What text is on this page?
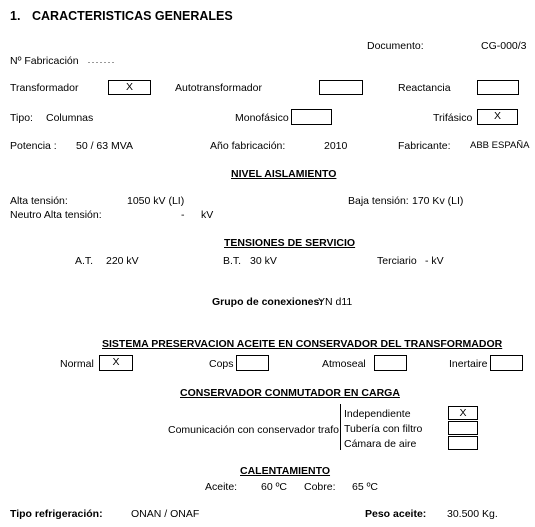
1. CARACTERISTICAS GENERALES
Documento:	CG-000/3
Nº Fabricación
Transformador	X	Autotransformador	Reactancia
Tipo: Columnas	Monofásico	Trifásico	X
Potencia : 50 / 63 MVA	Año fabricación:	2010	Fabricante: ABB ESPAÑA
NIVEL AISLAMIENTO
Alta tensión:	1050 kV (LI)	Baja tensión: 170 Kv (LI)
Neutro Alta tensión:	- kV
TENSIONES DE SERVICIO
A.T. 220 kV	B.T. 30 kV	Terciario - kV
Grupo de conexiones:
YN d11
SISTEMA PRESERVACION ACEITE EN CONSERVADOR DEL TRANSFORMADOR
Normal	X	Cops	Atmoseal	Inertaire
CONSERVADOR CONMUTADOR EN CARGA
Comunicación con conservador trafo
Independiente	X
Tubería con filtro
Cámara de aire
CALENTAMIENTO
Aceite: 60 ºC Cobre: 65 ºC
Tipo refrigeración:	ONAN / ONAF	Peso aceite: 30.500 Kg.
